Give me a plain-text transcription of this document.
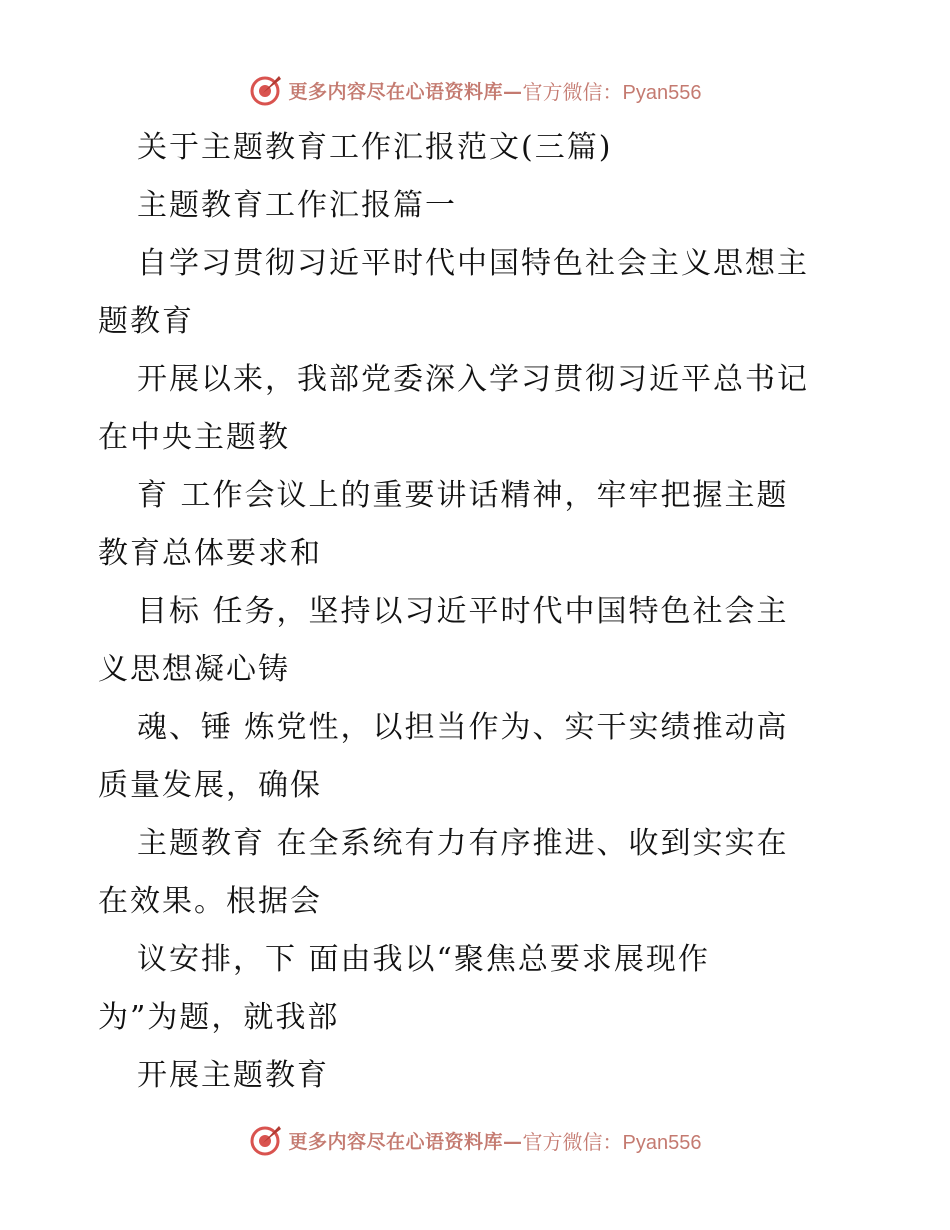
更多内容尽在心语资料库— 官方微信：Pyan556
关于主题教育工作汇报范文(三篇)
主题教育工作汇报篇一
自学习贯彻习近平时代中国特色社会主义思想主
题教育
开展以来，我部党委深入学习贯彻习近平总书记
在中央主题教
育 工作会议上的重要讲话精神，牢牢把握主题
教育总体要求和
目标 任务，坚持以习近平时代中国特色社会主
义思想凝心铸
魂、锤 炼党性，以担当作为、实干实绩推动高
质量发展，确保
主题教育 在全系统有力有序推进、收到实实在
在效果。根据会
议安排，下 面由我以“聚焦总要求展现作
为”为题，就我部
开展主题教育
更多内容尽在心语资料库— 官方微信：Pyan556
